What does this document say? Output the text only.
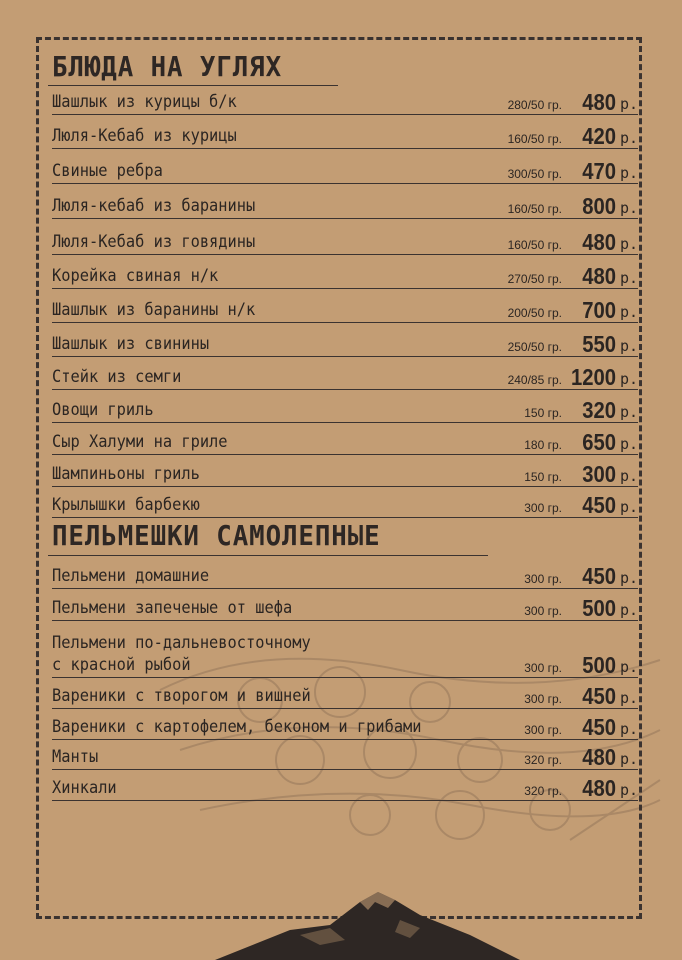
БЛЮДА НА УГЛЯХ
Шашлык из курицы б/к	280/50 гр. 480 р.
Люля-Кебаб из курицы	160/50 гр. 420 р.
Свиные ребра	300/50 гр. 470 р.
Люля-кебаб из баранины	160/50 гр. 800 р.
Люля-Кебаб из говядины	160/50 гр. 480 р.
Корейка свиная н/к	270/50 гр. 480 р.
Шашлык из баранины н/к	200/50 гр. 700 р.
Шашлык из свинины	250/50 гр. 550 р.
Стейк из семги	240/85 гр. 1200 р.
Овощи гриль	150 гр. 320 р.
Сыр Халуми на гриле	180 гр. 650 р.
Шампиньоны гриль	150 гр. 300 р.
Крылышки барбекю	300 гр. 450 р.
ПЕЛЬМЕШКИ САМОЛЕПНЫЕ
Пельмени домашние	300 гр. 450 р.
Пельмени запеченые от шефа	300 гр. 500 р.
Пельмени по-дальневосточному
с красной рыбой	300 гр. 500 р.
Вареники с творогом и вишней	300 гр. 450 р.
Вареники с картофелем, беконом и грибами	300 гр. 450 р.
Манты	320 гр. 480 р.
Хинкали	320 гр. 480 р.
